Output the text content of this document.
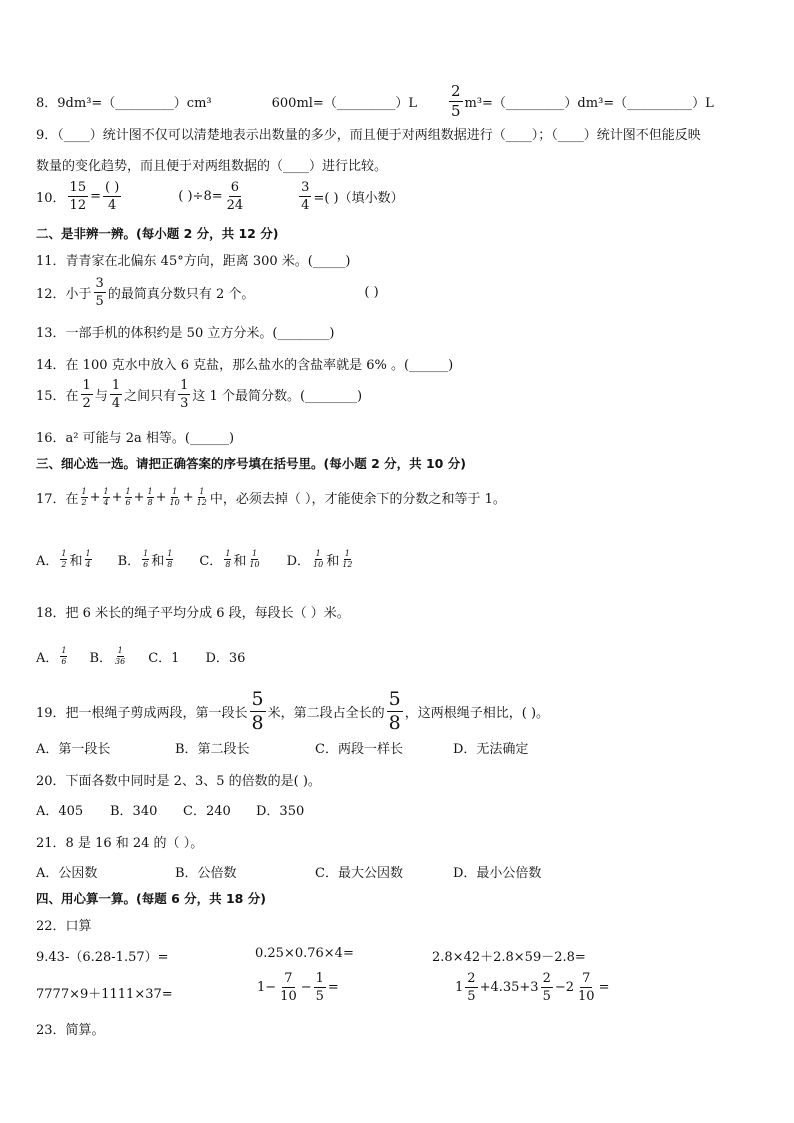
8． 9dm³=（_________）cm³	600ml=（_________）L $\frac{2}{5}$ m³=（_________）dm³=（__________）L
9．（____）统计图不仅可以清楚地表示出数量的多少，而且便于对两组数据进行（____）；（____）统计图不但能反映
数量的变化趋势，而且便于对两组数据的（____）进行比较。
10． $\frac{15}{12} = \frac{( )}{4}$	( )$\div 8= \frac{6}{24}$	$\frac{3}{4}$ =( )（填小数）
二、是非辨一辨。(每小题 2 分，共 12 分)
11．青青家在北偏东 45°方向，距离 300 米。(_____)
12．小于 $\frac{3}{5}$ 的最简真分数只有 2 个。	( )
13．一部手机的体积约是 50 立方分米。(________)
14．在 100 克水中放入 6 克盐，那么盐水的含盐率就是 6% 。(______)
15．在 $\frac{1}{2}$ 与 $\frac{1}{4}$ 之间只有 $\frac{1}{3}$ 这 1 个最简分数。(________)
16．a² 可能与 2a 相等。(______)
三、细心选一选。请把正确答案的序号填在括号里。(每小题 2 分，共 10 分)
17．在 $\frac{1}{2} + \frac{1}{4} + \frac{1}{6} + \frac{1}{8} + \frac{1}{10} + \frac{1}{12}$ 中，必须去掉（ ），才能使余下的分数之和等于 1。
A． $\frac{1}{2}$ 和 $\frac{1}{4}$ B． $\frac{1}{6}$ 和 $\frac{1}{8}$ C． $\frac{1}{8}$ 和 $\frac{1}{10}$ D． $\frac{1}{10}$ 和 $\frac{1}{12}$
18．把 6 米长的绳子平均分成 6 段，每段长（ ）米。
A． $\frac{1}{6}$ B． $\frac{1}{36}$ C．1 D．36
19．把一根绳子剪成两段，第一段长 $\frac{5}{8}$ 米，第二段占全长的 $\frac{5}{8}$ ，这两根绳子相比，( )。
A．第一段长	B．第二段长	C．两段一样长	D．无法确定
20．下面各数中同时是 2、3、5 的倍数的是( )。
A．405 B．340 C．240 D．350
21．8 是 16 和 24 的（ ）。
A．公因数	B．公倍数	C．最大公因数	D．最小公倍数
四、用心算一算。(每题 6 分，共 18 分)
22．口算
9.43-（6.28-1.57）=	0.25×0.76×4=	2.8×42＋2.8×59－2.8=
7777×9＋1111×37=	$1- \frac{7}{10} - \frac{1}{5}$ =	$1 \frac{2}{5} +4.35+3 \frac{2}{5} -2 \frac{7}{10}$ =
23．简算。
